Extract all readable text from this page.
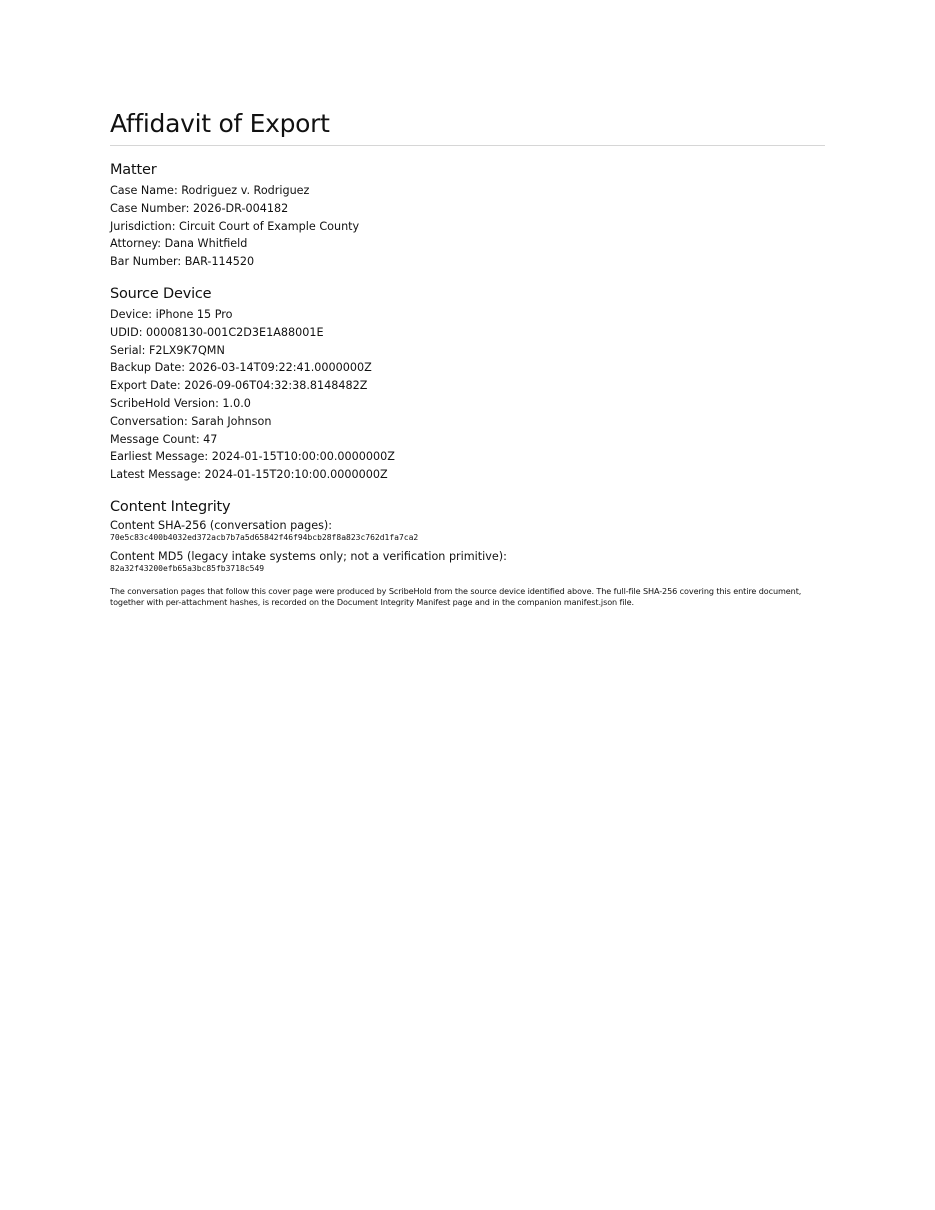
Affidavit of Export
Matter

Case Name: Rodriguez v. Rodriguez

Case Number: 2026-DR-004182

Jurisdiction: Circuit Court of Example County

Attorney: Dana Whitfield

Bar Number: BAR-114520

Source Device

Device: iPhone 15 Pro

UDID: 00008130-001C2D3E1A88001E

Serial: F2LX9K7QMN

Backup Date: 2026-03-14T09:22:41.0000000Z

Export Date: 2026-09-06T04:32:38.8148482Z

ScribeHold Version: 1.0.0

Conversation: Sarah Johnson

Message Count: 47

Earliest Message: 2024-01-15T10:00:00.0000000Z

Latest Message: 2024-01-15T20:10:00.0000000Z

Content Integrity

Content SHA-256 (conversation pages):

70e5c83c400b4032ed372acb7b7a5d65842f46f94bcb28f8a823c762d1fa7ca2

Content MD5 (legacy intake systems only; not a verification primitive):

82a32f43200efb65a3bc85fb3718c549

The conversation pages that follow this cover page were produced by ScribeHold from the source device identified above. The full-file SHA-256 covering this entire document,

together with per-attachment hashes, is recorded on the Document Integrity Manifest page and in the companion manifest.json file.
